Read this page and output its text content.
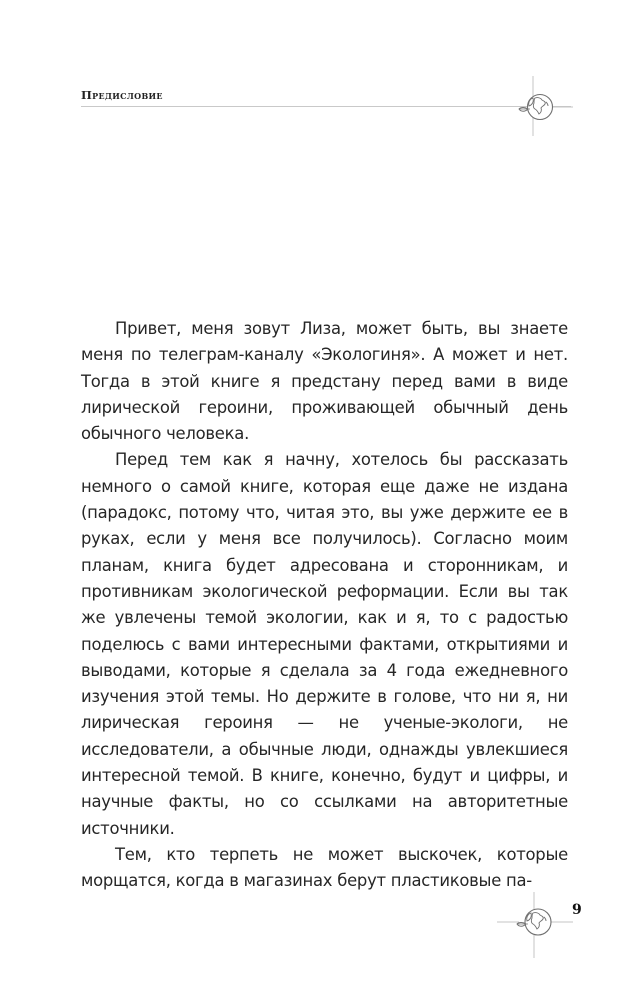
Предисловие

Привет, меня зовут Лиза, может быть, вы знаете меня по телеграм-каналу «Экологиня». А может и нет. Тогда в этой книге я предстану перед вами в виде лирической героини, проживающей обычный день обычного человека.

Перед тем как я начну, хотелось бы рассказать немного о самой книге, которая еще даже не издана (парадокс, потому что, читая это, вы уже держите ее в руках, если у меня все получилось). Согласно моим планам, книга будет адресована и сторонникам, и противникам экологической реформации. Если вы так же увлечены темой экологии, как и я, то с радостью поделюсь с вами интересными фактами, открытиями и выводами, которые я сделала за 4 года ежедневного изучения этой темы. Но держите в голове, что ни я, ни лирическая героиня — не ученые-экологи, не исследователи, а обычные люди, однажды увлекшиеся интересной темой. В книге, конечно, будут и цифры, и научные факты, но со ссылками на авторитетные источники.

Тем, кто терпеть не может выскочек, которые морщатся, когда в магазинах берут пластиковые па-

9
